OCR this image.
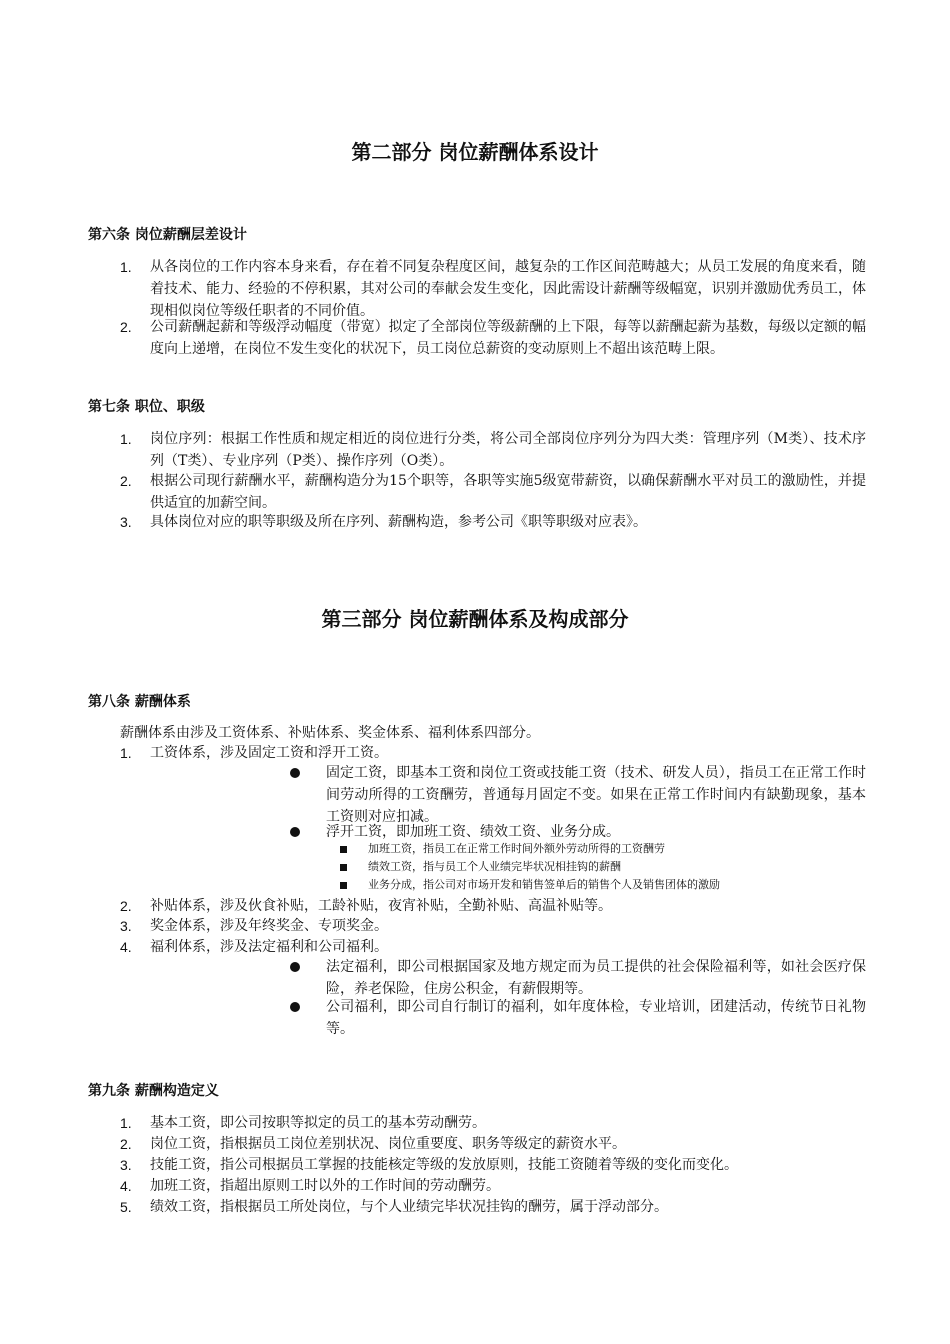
第二部分 岗位薪酬体系设计
第六条 岗位薪酬层差设计
1. 从各岗位的工作内容本身来看，存在着不同复杂程度区间，越复杂的工作区间范畴越大；从员工发展的角度来看，随着技术、能力、经验的不停积累，其对公司的奉献会发生变化，因此需设计薪酬等级幅宽，识别并激励优秀员工，体现相似岗位等级任职者的不同价值。
2. 公司薪酬起薪和等级浮动幅度（带宽）拟定了全部岗位等级薪酬的上下限，每等以薪酬起薪为基数，每级以定额的幅度向上递增，在岗位不发生变化的状况下，员工岗位总薪资的变动原则上不超出该范畴上限。
第七条 职位、职级
1. 岗位序列：根据工作性质和规定相近的岗位进行分类，将公司全部岗位序列分为四大类：管理序列（M类）、技术序列（T类）、专业序列（P类）、操作序列（O类）。
2. 根据公司现行薪酬水平，薪酬构造分为15个职等，各职等实施5级宽带薪资，以确保薪酬水平对员工的激励性，并提供适宜的加薪空间。
3. 具体岗位对应的职等职级及所在序列、薪酬构造，参考公司《职等职级对应表》。
第三部分 岗位薪酬体系及构成部分
第八条 薪酬体系
薪酬体系由涉及工资体系、补贴体系、奖金体系、福利体系四部分。
1. 工资体系，涉及固定工资和浮开工资。
固定工资，即基本工资和岗位工资或技能工资（技术、研发人员），指员工在正常工作时间劳动所得的工资酬劳，普通每月固定不变。如果在正常工作时间内有缺勤现象，基本工资则对应扣减。
浮开工资，即加班工资、绩效工资、业务分成。
加班工资，指员工在正常工作时间外额外劳动所得的工资酬劳
绩效工资，指与员工个人业绩完毕状况相挂钩的薪酬
业务分成，指公司对市场开发和销售签单后的销售个人及销售团体的激励
2. 补贴体系，涉及伙食补贴，工龄补贴，夜宵补贴，全勤补贴、高温补贴等。
3. 奖金体系，涉及年终奖金、专项奖金。
4. 福利体系，涉及法定福利和公司福利。
法定福利，即公司根据国家及地方规定而为员工提供的社会保险福利等，如社会医疗保险，养老保险，住房公积金，有薪假期等。
公司福利，即公司自行制订的福利，如年度体检，专业培训，团建活动，传统节日礼物等。
第九条 薪酬构造定义
1. 基本工资，即公司按职等拟定的员工的基本劳动酬劳。
2. 岗位工资，指根据员工岗位差别状况、岗位重要度、职务等级定的薪资水平。
3. 技能工资，指公司根据员工掌握的技能核定等级的发放原则，技能工资随着等级的变化而变化。
4. 加班工资，指超出原则工时以外的工作时间的劳动酬劳。
5. 绩效工资，指根据员工所处岗位，与个人业绩完毕状况挂钩的酬劳，属于浮动部分。
